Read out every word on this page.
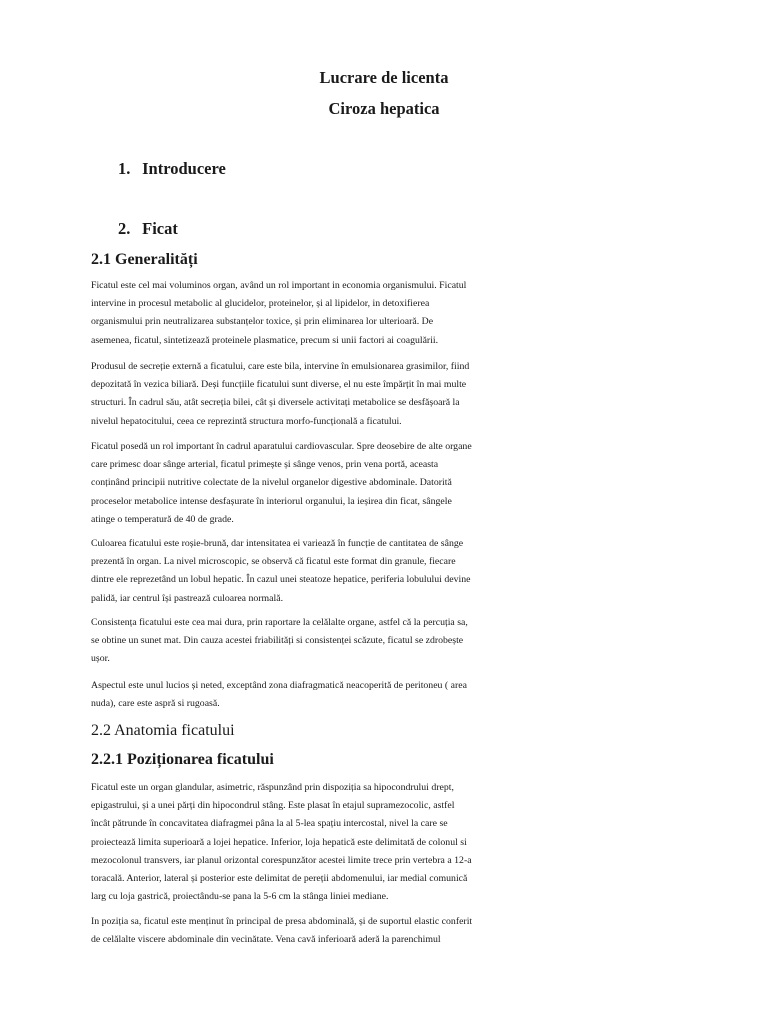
Lucrare de licenta
Ciroza hepatica
1. Introducere
2. Ficat
2.1 Generalități
Ficatul este cel mai voluminos organ, având un rol important in economia organismului. Ficatul
intervine in procesul metabolic al glucidelor, proteinelor, și al lipidelor, in detoxifierea
organismului prin neutralizarea substanțelor toxice, și prin eliminarea lor ulterioară. De
asemenea, ficatul, sintetizează proteinele plasmatice, precum si unii factori ai coagulării.
Produsul de secreție externă a ficatului, care este bila, intervine în emulsionarea grasimilor, fiind
depozitată în vezica biliară. Deși funcțiile ficatului sunt diverse, el nu este împărțit în mai multe
structuri. În cadrul său, atât secreția bilei, cât și diversele activitați metabolice se desfășoară la
nivelul hepatocitului, ceea ce reprezintă structura morfo-funcțională a ficatului.
Ficatul posedă un rol important în cadrul aparatului cardiovascular. Spre deosebire de alte organe
care primesc doar sânge arterial, ficatul primește și sânge venos, prin vena portă, aceasta
conținând principii nutritive colectate de la nivelul organelor digestive abdominale. Datorită
proceselor metabolice intense desfașurate în interiorul organului, la ieșirea din ficat, sângele
atinge o temperatură de 40 de grade.
Culoarea ficatului este roșie-brună, dar intensitatea ei variează în funcție de cantitatea de sânge
prezentă în organ. La nivel microscopic, se observă că ficatul este format din granule, fiecare
dintre ele reprezetând un lobul hepatic. În cazul unei steatoze hepatice, periferia lobulului devine
palidă, iar centrul își pastrează culoarea normală.
Consistența ficatului este cea mai dura, prin raportare la celălalte organe, astfel că la percuția sa,
se obtine un sunet mat. Din cauza acestei friabilități si consistenței scăzute, ficatul se zdrobește
ușor.
Aspectul este unul lucios și neted, exceptând zona diafragmatică neacoperită de peritoneu ( area
nuda), care este aspră si rugoasă.
2.2 Anatomia ficatului
2.2.1 Poziționarea ficatului
Ficatul este un organ glandular, asimetric, răspunzând prin dispoziția sa hipocondrului drept,
epigastrului, și a unei părți din hipocondrul stâng. Este plasat în etajul supramezocolic, astfel
încât pătrunde în concavitatea diafragmei pâna la al 5-lea spațiu intercostal, nivel la care se
proiectează limita superioară a lojei hepatice. Inferior, loja hepatică este delimitată de colonul si
mezocolonul transvers, iar planul orizontal corespunzător acestei limite trece prin vertebra a 12-a
toracală. Anterior, lateral și posterior este delimitat de pereții abdomenului, iar medial comunică
larg cu loja gastrică, proiectându-se pana la 5-6 cm la stânga liniei mediane.
In poziția sa, ficatul este menținut în principal de presa abdominală, și de suportul elastic conferit
de celălalte viscere abdominale din vecinătate. Vena cavă inferioară aderă la parenchimul
